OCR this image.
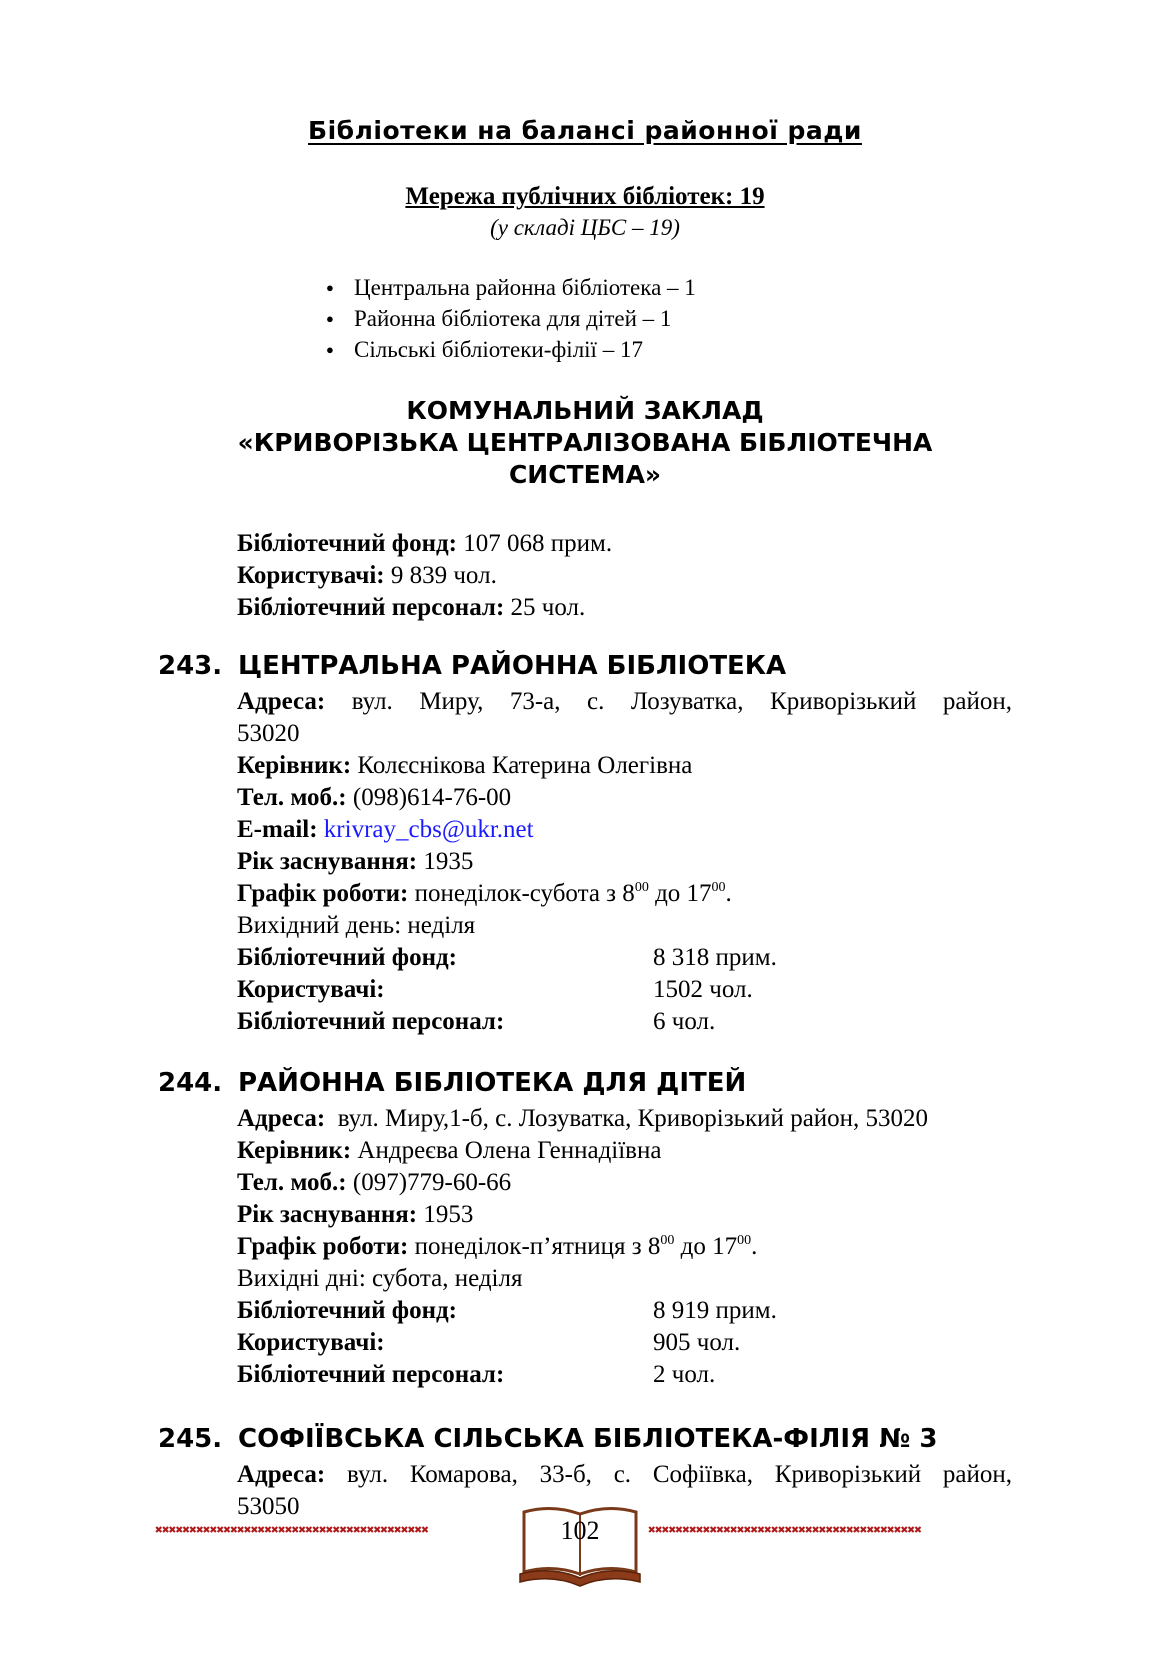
Бібліотеки на балансі районної ради
Мережа публічних бібліотек: 19
(у складі ЦБС – 19)
● Центральна районна бібліотека – 1
● Районна бібліотека для дітей – 1
● Сільські бібліотеки-філії – 17
КОМУНАЛЬНИЙ ЗАКЛАД
«КРИВОРІЗЬКА ЦЕНТРАЛІЗОВАНА БІБЛІОТЕЧНА
СИСТЕМА»
Бібліотечний фонд: 107 068 прим.
Користувачі: 9 839 чол.
Бібліотечний персонал: 25 чол.
243. ЦЕНТРАЛЬНА РАЙОННА БІБЛІОТЕКА
Адреса: вул. Миру, 73-а, с. Лозуватка, Криворізький район,
53020
Керівник: Колєснікова Катерина Олегівна
Тел. моб.: (098)614-76-00
E-mail: krivray_cbs@ukr.net
Рік заснування: 1935
Графік роботи: понеділок-субота з $8^{00}$ до $17^{00}$.
Вихідний день: неділя
Бібліотечний фонд:	8 318 прим.
Користувачі:	1502 чол.
Бібліотечний персонал:	6 чол.
244. РАЙОННА БІБЛІОТЕКА ДЛЯ ДІТЕЙ
Адреса: вул. Миру,1-б, с. Лозуватка, Криворізький район, 53020
Керівник: Андреєва Олена Геннадіївна
Тел. моб.: (097)779-60-66
Рік заснування: 1953
Графік роботи: понеділок-п’ятниця з $8^{00}$ до $17^{00}$.
Вихідні дні: субота, неділя
Бібліотечний фонд:	8 919 прим.
Користувачі:	905 чол.
Бібліотечний персонал:	2 чол.
245. СОФІЇВСЬКА СІЛЬСЬКА БІБЛІОТЕКА-ФІЛІЯ № 3
Адреса: вул. Комарова, 33-б, с. Софіївка, Криворізький район,
53050
✖✖✖✖✖✖✖✖✖✖✖✖✖✖✖✖✖✖✖✖✖✖✖✖✖✖✖✖✖✖✖✖✖✖✖✖✖✖✖✖	✖✖✖✖✖✖✖✖✖✖✖✖✖✖✖✖✖✖✖✖✖✖✖✖✖✖✖✖✖✖✖✖✖✖✖✖✖✖✖✖
102
